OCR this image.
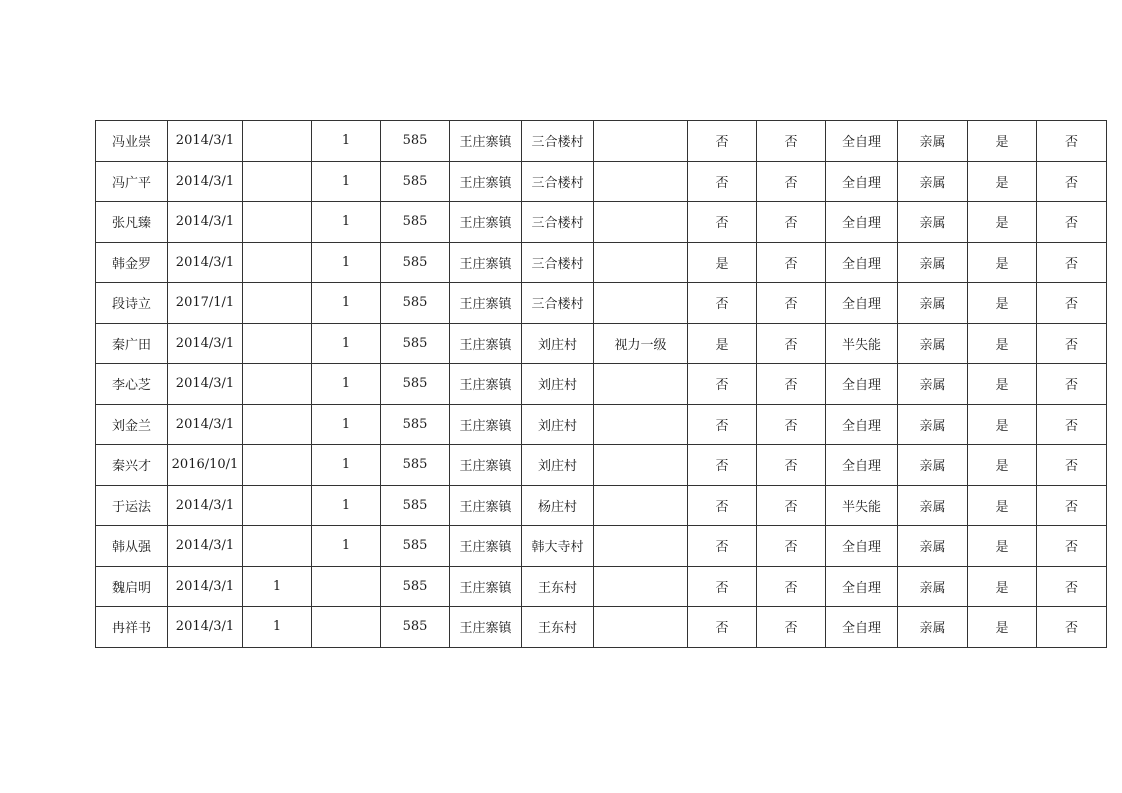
冯业崇	2014/3/1		1	585	王庄寨镇	三合楼村		否	否	全自理	亲属	是	否
冯广平	2014/3/1		1	585	王庄寨镇	三合楼村		否	否	全自理	亲属	是	否
张凡臻	2014/3/1		1	585	王庄寨镇	三合楼村		否	否	全自理	亲属	是	否
韩金罗	2014/3/1		1	585	王庄寨镇	三合楼村		是	否	全自理	亲属	是	否
段诗立	2017/1/1		1	585	王庄寨镇	三合楼村		否	否	全自理	亲属	是	否
秦广田	2014/3/1		1	585	王庄寨镇	刘庄村	视力一级	是	否	半失能	亲属	是	否
李心芝	2014/3/1		1	585	王庄寨镇	刘庄村		否	否	全自理	亲属	是	否
刘金兰	2014/3/1		1	585	王庄寨镇	刘庄村		否	否	全自理	亲属	是	否
秦兴才	2016/10/1		1	585	王庄寨镇	刘庄村		否	否	全自理	亲属	是	否
于运法	2014/3/1		1	585	王庄寨镇	杨庄村		否	否	半失能	亲属	是	否
韩从强	2014/3/1		1	585	王庄寨镇	韩大寺村		否	否	全自理	亲属	是	否
魏启明	2014/3/1	1		585	王庄寨镇	王东村		否	否	全自理	亲属	是	否
冉祥书	2014/3/1	1		585	王庄寨镇	王东村		否	否	全自理	亲属	是	否
